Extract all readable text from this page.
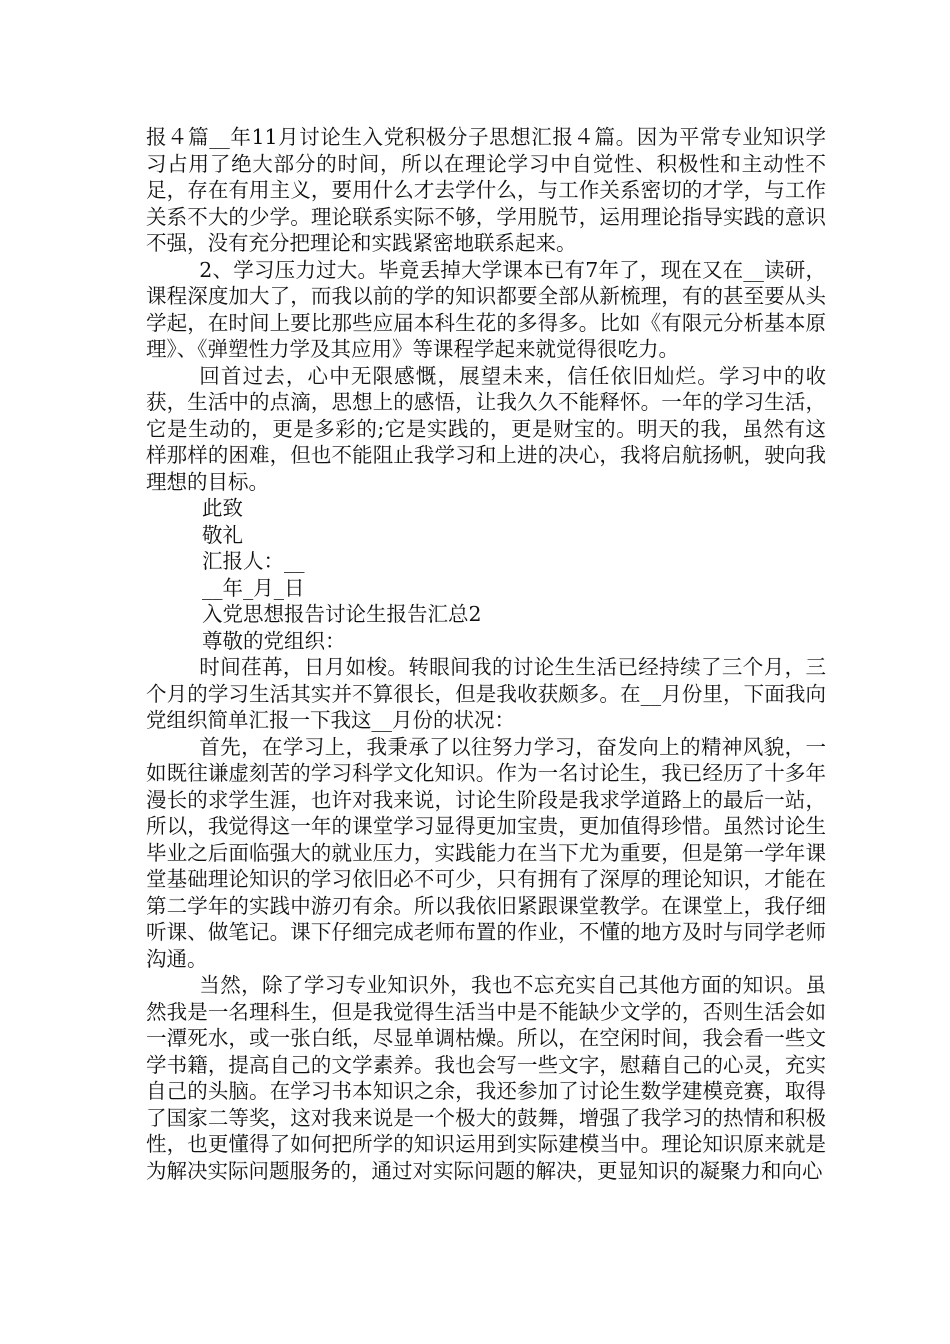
报４篇__年11月讨论生入党积极分子思想汇报４篇。因为平常专业知识学习占用了绝大部分的时间，所以在理论学习中自觉性、积极性和主动性不足，存在有用主义，要用什么才去学什么，与工作关系密切的才学，与工作关系不大的少学。理论联系实际不够，学用脱节，运用理论指导实践的意识不强，没有充分把理论和实践紧密地联系起来。

2、学习压力过大。毕竟丢掉大学课本已有7年了，现在又在__读研，课程深度加大了，而我以前的学的知识都要全部从新梳理，有的甚至要从头学起，在时间上要比那些应届本科生花的多得多。比如《有限元分析基本原理》、《弹塑性力学及其应用》等课程学起来就觉得很吃力。

回首过去，心中无限感慨，展望未来，信任依旧灿烂。学习中的收获，生活中的点滴，思想上的感悟，让我久久不能释怀。一年的学习生活，它是生动的，更是多彩的;它是实践的，更是财宝的。明天的我，虽然有这样那样的困难，但也不能阻止我学习和上进的决心，我将启航扬帆，驶向我理想的目标。

此致
敬礼
汇报人：__
__年_月_日
入党思想报告讨论生报告汇总2
尊敬的党组织：

时间荏苒，日月如梭。转眼间我的讨论生生活已经持续了三个月，三个月的学习生活其实并不算很长，但是我收获颇多。在__月份里，下面我向党组织简单汇报一下我这__月份的状况：

首先，在学习上，我秉承了以往努力学习，奋发向上的精神风貌，一如既往谦虚刻苦的学习科学文化知识。作为一名讨论生，我已经历了十多年漫长的求学生涯，也许对我来说，讨论生阶段是我求学道路上的最后一站，所以，我觉得这一年的课堂学习显得更加宝贵，更加值得珍惜。虽然讨论生毕业之后面临强大的就业压力，实践能力在当下尤为重要，但是第一学年课堂基础理论知识的学习依旧必不可少，只有拥有了深厚的理论知识，才能在第二学年的实践中游刃有余。所以我依旧紧跟课堂教学。在课堂上，我仔细听课、做笔记。课下仔细完成老师布置的作业，不懂的地方及时与同学老师沟通。

当然，除了学习专业知识外，我也不忘充实自己其他方面的知识。虽然我是一名理科生，但是我觉得生活当中是不能缺少文学的，否则生活会如一潭死水，或一张白纸，尽显单调枯燥。所以，在空闲时间，我会看一些文学书籍，提高自己的文学素养。我也会写一些文字，慰藉自己的心灵，充实自己的头脑。在学习书本知识之余，我还参加了讨论生数学建模竞赛，取得了国家二等奖，这对我来说是一个极大的鼓舞，增强了我学习的热情和积极性，也更懂得了如何把所学的知识运用到实际建模当中。理论知识原来就是为解决实际问题服务的，通过对实际问题的解决，更显知识的凝聚力和向心
